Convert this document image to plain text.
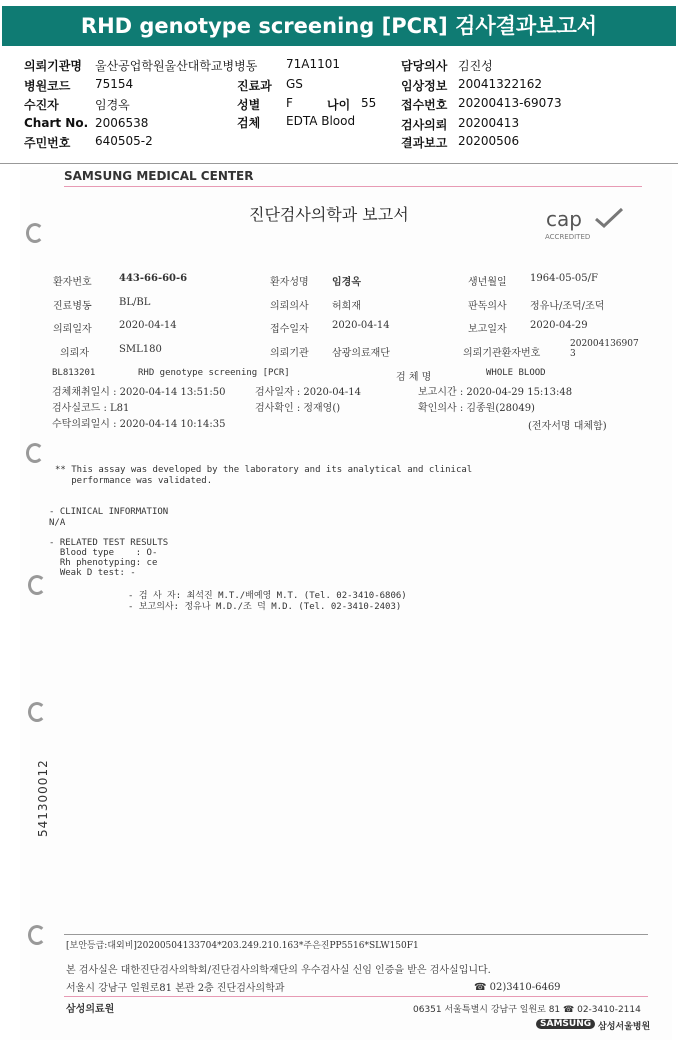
RHD genotype screening [PCR] 검사결과보고서
의뢰기관명 울산공업학원울산대학교병병동 71A1101	담당의사 김진성
병원코드 75154	진료과 GS	임상정보 20041322162
수진자	임경옥	성별 F	나이 55 접수번호 20200413-69073
Chart No. 2006538	검체 EDTA Blood	검사의뢰 20200413
주민번호 640505-2	결과보고 20200506
SAMSUNG MEDICAL CENTER
진단검사의학과 보고서	cap
ACCREDITED
환자번호	443-66-60-6	환자성명 임경옥	생년월일 1964-05-05/F
진료병동	BL/BL	의뢰의사 허희재	판독의사 정유나/조덕/조덕
의뢰일자	2020-04-14	접수일자 2020-04-14	보고일자 2020-04-29
의뢰자	SML180	의뢰기관 삼광의료재단	의뢰기관환자번호
2020041369073
BL813201	RHD genotype screening [PCR]	검 체 명	WHOLE BLOOD
검체채취일시 : 2020-04-14 13:51:50	검사일자 : 2020-04-14	보고시간 : 2020-04-29 15:13:48
검사실코드 : L81	검사확인 : 정재영()	확인의사 : 김종원(28049)
수탁의뢰일시 : 2020-04-14 10:14:35	(전자서명 대체함)
** This assay was developed by the laboratory and its analytical and clinical
performance was validated.
- CLINICAL INFORMATION
N/A
- RELATED TEST RESULTS
Blood type    : O-
Rh phenotyping: ce
Weak D test: -
- 검 사 자: 최석진 M.T./배예영 M.T. (Tel. 02-3410-6806)
- 보고의사: 정유나 M.D./조 덕 M.D. (Tel. 02-3410-2403)
541300012
[보안등급:대외비]202005041337​04*203.249.210.163*주은진PP5516*SLW150F1
본 검사실은 대한진단검사의학회/진단검사의학재단의 우수검사실 신임 인증을 받은 검사실입니다.
서울시 강남구 일원로81 본관 2층 진단검사의학과	☎ 02)3410-6469
삼성의료원	06351 서울특별시 강남구 일원로 81 ☎ 02-3410-2114
SAMSUNG 삼성서울병원
